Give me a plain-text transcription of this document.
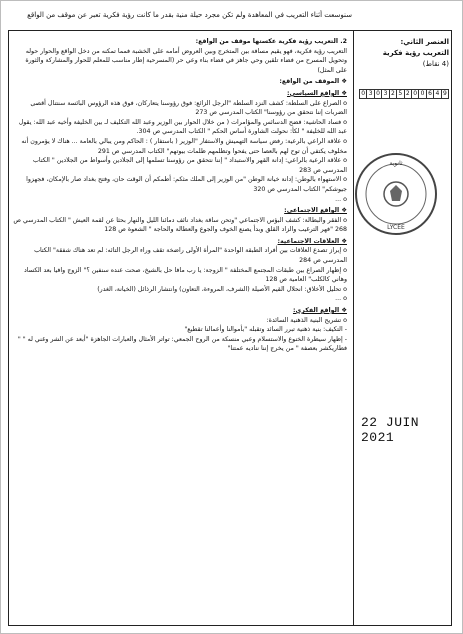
سنوسعت أثناء التعريب في المعاهدة ولم تكن مجرد حيلة منية بقدر ما كانت رؤية فكرية تعبر عن موقف من الواقع

2. التعريب رؤية فكرية عكستها موقف من الواقع:

التعريب رؤية فكرية، فهو يقيم مسافة بين المتخرج وبين العروض أمامه على الخشبة فمما تمكنه من دخل الواقع والحوار حوله وتحويل المسرح من فضاء تلقين وحي جاهز في فضاء بناء وعي حر (المسرحية إطار مناسب للمعلم للحوار والمشاركة والثورة على المثل)

❖ الموقف من الواقع:

❖ الواقع السياسي:

o الصراع على السلطة: كشف النزد السلطة "الرجل الزائع: فوق رؤوسنا يتعاركان، فوق هذه الرؤوس البائسة سنتنال أقصى الضربات إننا نتحقق من رؤوسنا" الكتاب المدرسي ص 273

o فساد الحاشية: فضح الدسائس والمؤامرات ( من خلال الحوار بين الوزير وعبد الله التكليف لـ بين الخليفة وأخيه عبد الله: يقول عبد الله للخليفة " لكأ: نحولت الشاورة أساس الحكم " الكتاب المدرسي ص 304.

o علاقة الراعي بالرعية: رفض سياسة التهميش والاستفار "الوزير ( باستفار ) : الحاكم ومن يبالي بالعامة ... هناك لا يؤمرون أنه مخلوف يكتفي أن توح لهم بالعصا حتى يفحوا وتظلمهم ظلمات بيوتهم" الكتاب المدرسي ص 291

o علاقة الرعية بالراعي: إدانة القهر والاستبداد " إننا نتحقق من رؤوسنا تسلمها إلى الجلادين وأسواط من الجلادين " الكتاب المدرسي ص 283

o الاستهواء بالوطن: إدانة خيانة الوطن "من الوزير إلى الملك مثكم: أطمكم أن الوقت حان، وفتح بغداد صار بالإمكان، فجهزوا جيوشكم" الكتاب المدرسي ص 320

o ...

❖ الواقع الاجتماعي:

o الفقر والبطالة: كشف البؤس الاجتماعي "وتحن ساقة بغداد نائف دمائنا الليل والنهار بحثا عن لقمة العيش " الكتاب المدرسي ص 268 "فهر الترغيب والزاد القلق وبدأ يصنع الخوف والجوع والعطالة والحاجة " الشعوة ص 128

❖ العلاقات الاجتماعية:

o إبراز تصدع العلاقات بين أفراد الطبقة الواحدة "المرأة الأولى راضخة تقف وراء الرجل التائه: لم تعد هناك شفقة" الكتاب المدرسي ص 284

o إظهار الصراع بين طبقات المجتمع المختلفة " الزوجة: يا رب مافا حل بالشيخ، صحت عنده سنفين ؟" الزوج وافيا بعد الكساد وهاني كالكلب" العامية ص 128

o تحليل الأخلاق: انحلال القيم الأصيلة (الشرف، المروءة، التعاون) وانتشار الرذائل (الخيانة، الغدر)

o ...

❖ الواقع الفكري:

o تشريح البنية الذهنية السائدة:

- التكيف: بنية ذهنية تبرر السائد وتقبله "بأموالنا وأعمالنا تقطيع"

- إظهار سيطرة الخنوع والاستسلام وعبي منسكة من الروح الجمعي: تواتر الأمثال والعبارات الجاهزة "أبعد عن الشر وغني له " " فطاريكشر بعصفة " من يخرج إننا نناديه عمتنا"

العنصر الثاني:
التعريب رؤية فكرية
(4 نقاط)
0 3 0 3 2 5 2 0 0 6 4 9
ثانوية
LYCEE
22 JUIN 2021
